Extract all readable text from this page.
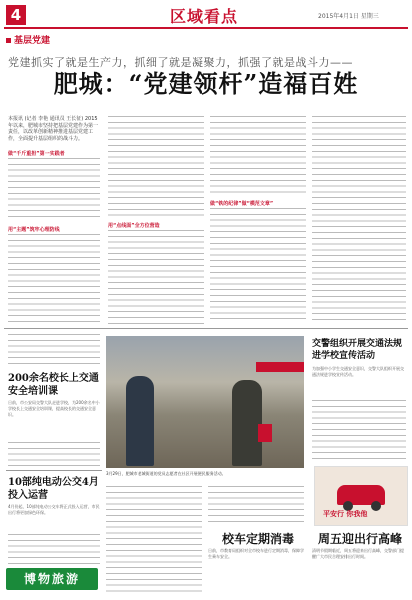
4	区域看点	2015年4月1日 星期三
基层党建
党建抓实了就是生产力，抓细了就是凝聚力，抓强了就是战斗力——
肥城：“党建领杆”造福百姓
本报讯 (记者 李艳 通讯员 王长征) 2015年以来，肥城市坚持把基层党建作为第一责任，以改革创新精神推进基层党建工作，全面提升基层组织的战斗力。
做“千斤重担”第一实践者
用“主题”筑牢心理防线
用“点线面”全方位营造
做“铁的纪律”做“模范文章”
200余名校长上交通安全培训课
日前，市公安局交警大队走进学校，为200余名中小学校长上交通安全培训课，提高校长的交通安全意识。
10部纯电动公交4月投入运营
4月份起，10部纯电动公交车将正式投入运营，市民出行将更加绿色环保。
博物旅游
3月29日，肥城市老城街道的党员志愿者在社区开展便民服务活动。
校车定期消毒
日前，市教育局组织对全市校车进行定期消毒，保障学生乘车安全。
交警组织开展交通法规进学校宣传活动
为加强中小学生交通安全意识，交警大队组织开展交通法规进学校宣传活动。
平安行 你我他
周五迎出行高峰
清明节假期临近，周五将迎来出行高峰，交警部门提醒广大市民合理安排出行时间。
